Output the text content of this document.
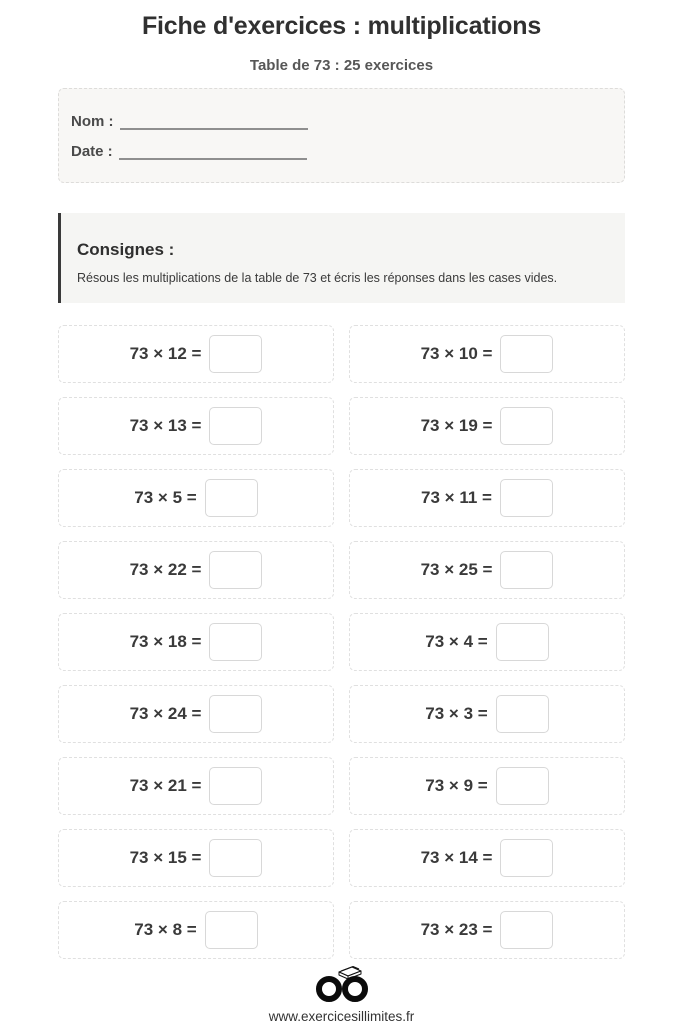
Fiche d'exercices : multiplications
Table de 73 : 25 exercices
Nom :
Date :
Consignes :
Résous les multiplications de la table de 73 et écris les réponses dans les cases vides.
73 × 12 =	73 × 10 =
73 × 13 =	73 × 19 =
73 × 5 =	73 × 11 =
73 × 22 =	73 × 25 =
73 × 18 =	73 × 4 =
73 × 24 =	73 × 3 =
73 × 21 =	73 × 9 =
73 × 15 =	73 × 14 =
73 × 8 =	73 × 23 =
www.exercicesillimites.fr
